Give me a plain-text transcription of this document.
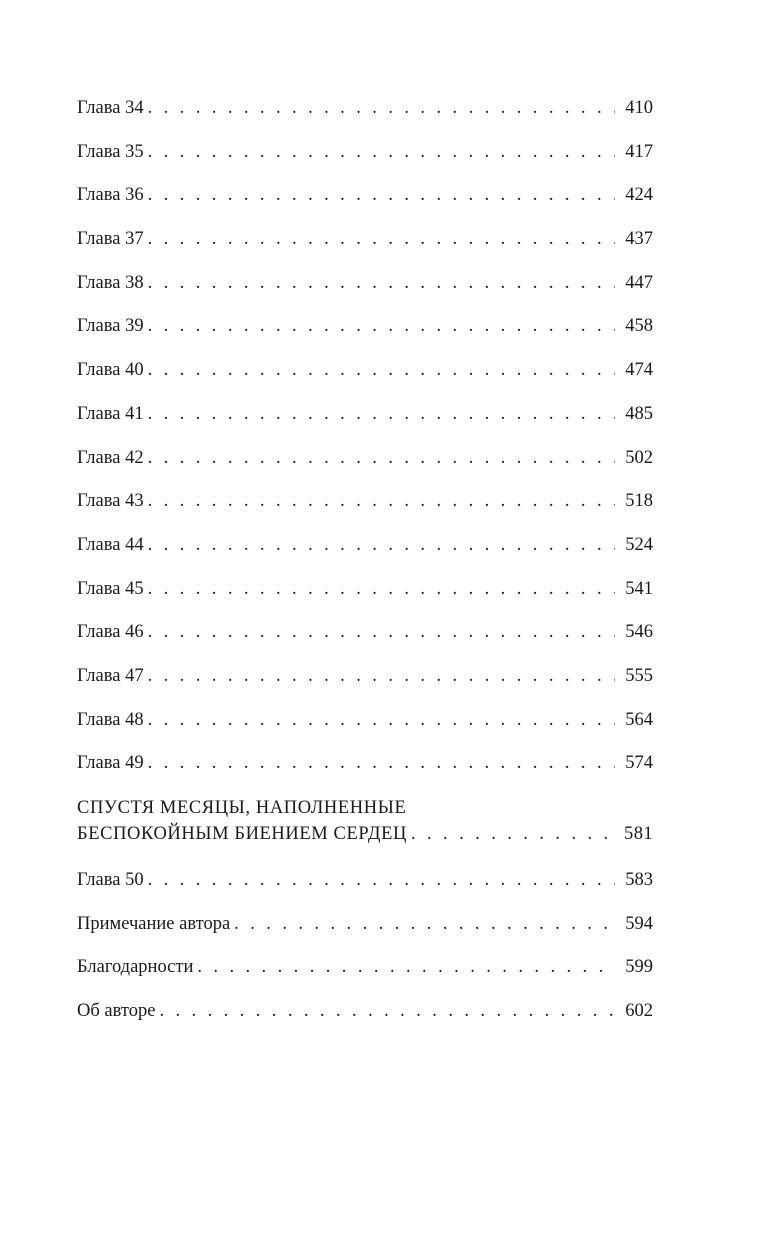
Глава 34 . . .	410
Глава 35 . . .	417
Глава 36 . . .	424
Глава 37 . . .	437
Глава 38 . . .	447
Глава 39 . . .	458
Глава 40 . . .	474
Глава 41 . . .	485
Глава 42 . . .	502
Глава 43 . . .	518
Глава 44 . . .	524
Глава 45 . . .	541
Глава 46 . . .	546
Глава 47 . . .	555
Глава 48 . . .	564
Глава 49 . . .	574
СПУСТЯ МЕСЯЦЫ, НАПОЛНЕННЫЕ
БЕСПОКОЙНЫМ БИЕНИЕМ СЕРДЕЦ . . .	581
Глава 50 . . .	583
Примечание автора . . .	594
Благодарности . . .	599
Об авторе . . .	602
